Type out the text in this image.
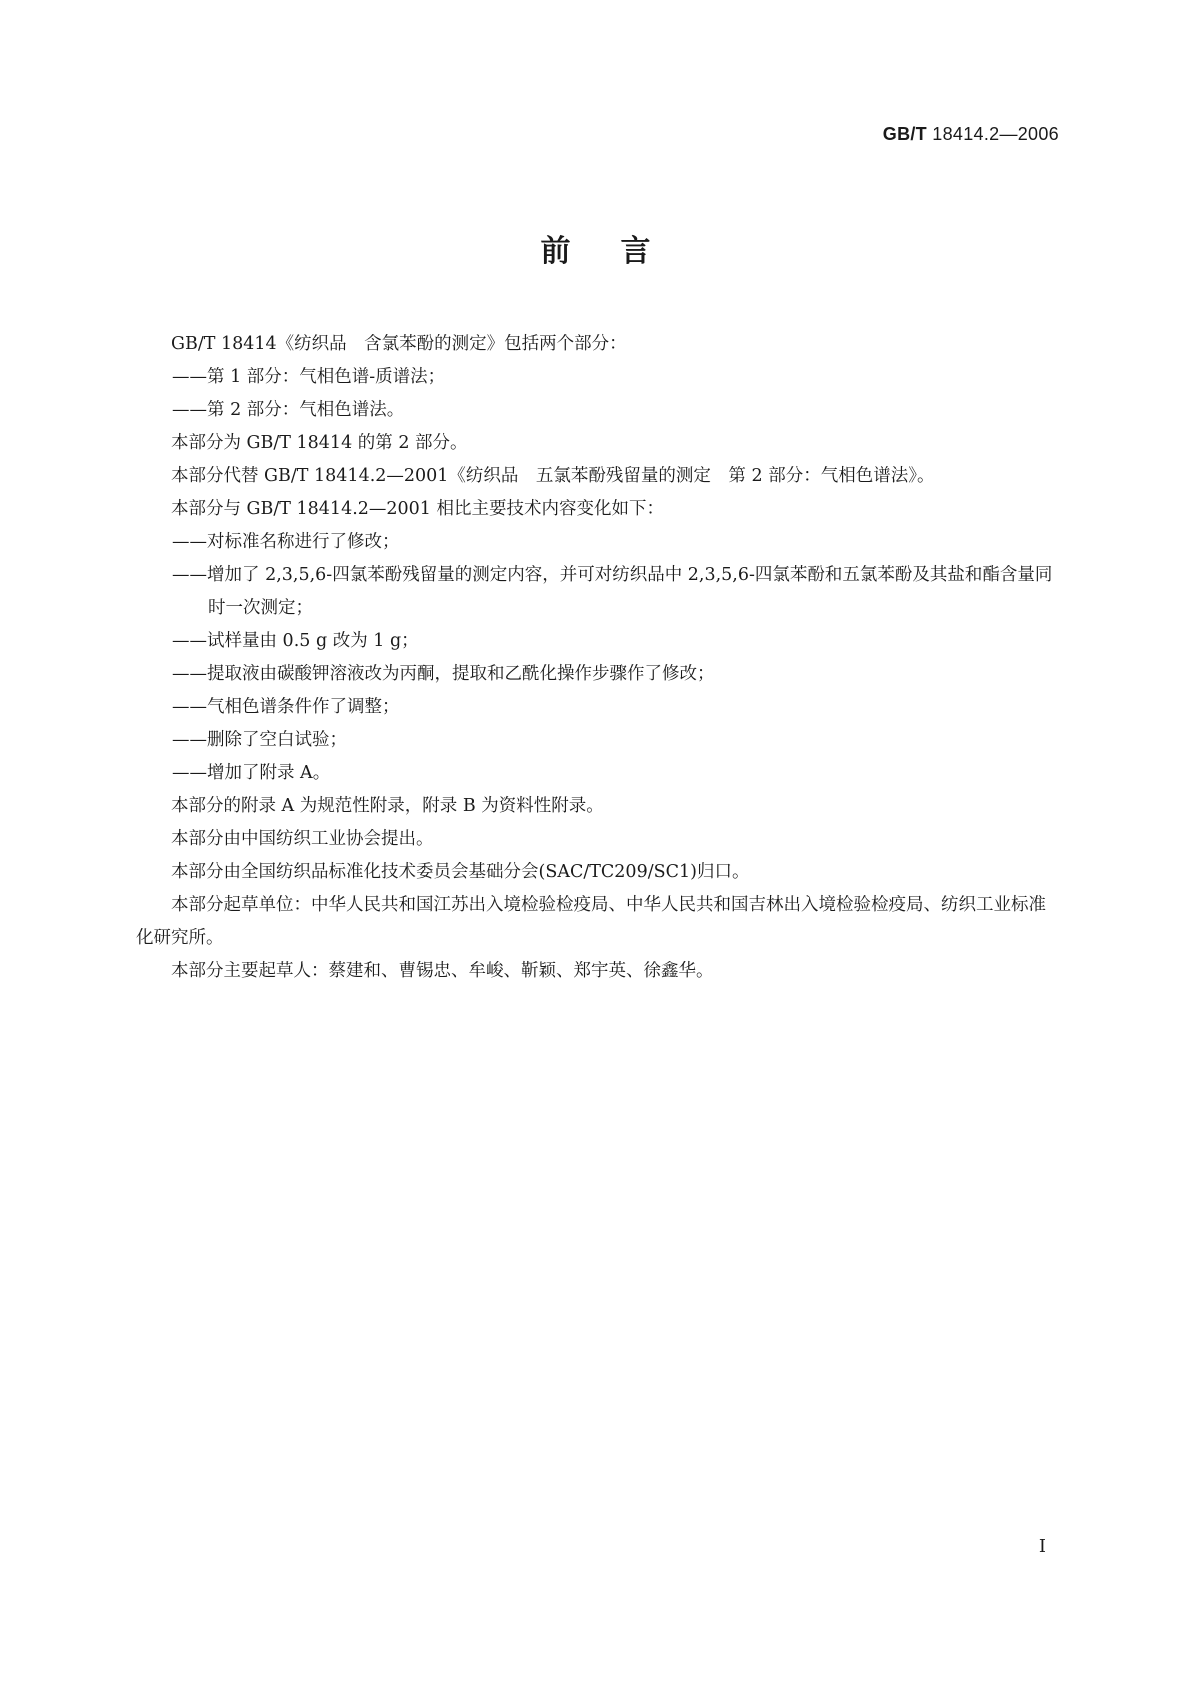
GB/T 18414.2—2006
前言

GB/T 18414《纺织品　含氯苯酚的测定》包括两个部分：

——第 1 部分：气相色谱-质谱法；

——第 2 部分：气相色谱法。

本部分为 GB/T 18414 的第 2 部分。

本部分代替 GB/T 18414.2—2001《纺织品　五氯苯酚残留量的测定　第 2 部分：气相色谱法》。

本部分与 GB/T 18414.2—2001 相比主要技术内容变化如下：

——对标准名称进行了修改；

——增加了 2,3,5,6-四氯苯酚残留量的测定内容，并可对纺织品中 2,3,5,6-四氯苯酚和五氯苯酚及其盐和酯含量同时一次测定；

——试样量由 0.5 g 改为 1 g；

——提取液由碳酸钾溶液改为丙酮，提取和乙酰化操作步骤作了修改；

——气相色谱条件作了调整；

——删除了空白试验；

——增加了附录 A。

本部分的附录 A 为规范性附录，附录 B 为资料性附录。

本部分由中国纺织工业协会提出。

本部分由全国纺织品标准化技术委员会基础分会(SAC/TC209/SC1)归口。

本部分起草单位：中华人民共和国江苏出入境检验检疫局、中华人民共和国吉林出入境检验检疫局、纺织工业标准化研究所。

本部分主要起草人：蔡建和、曹锡忠、牟峻、靳颖、郑宇英、徐鑫华。

I
